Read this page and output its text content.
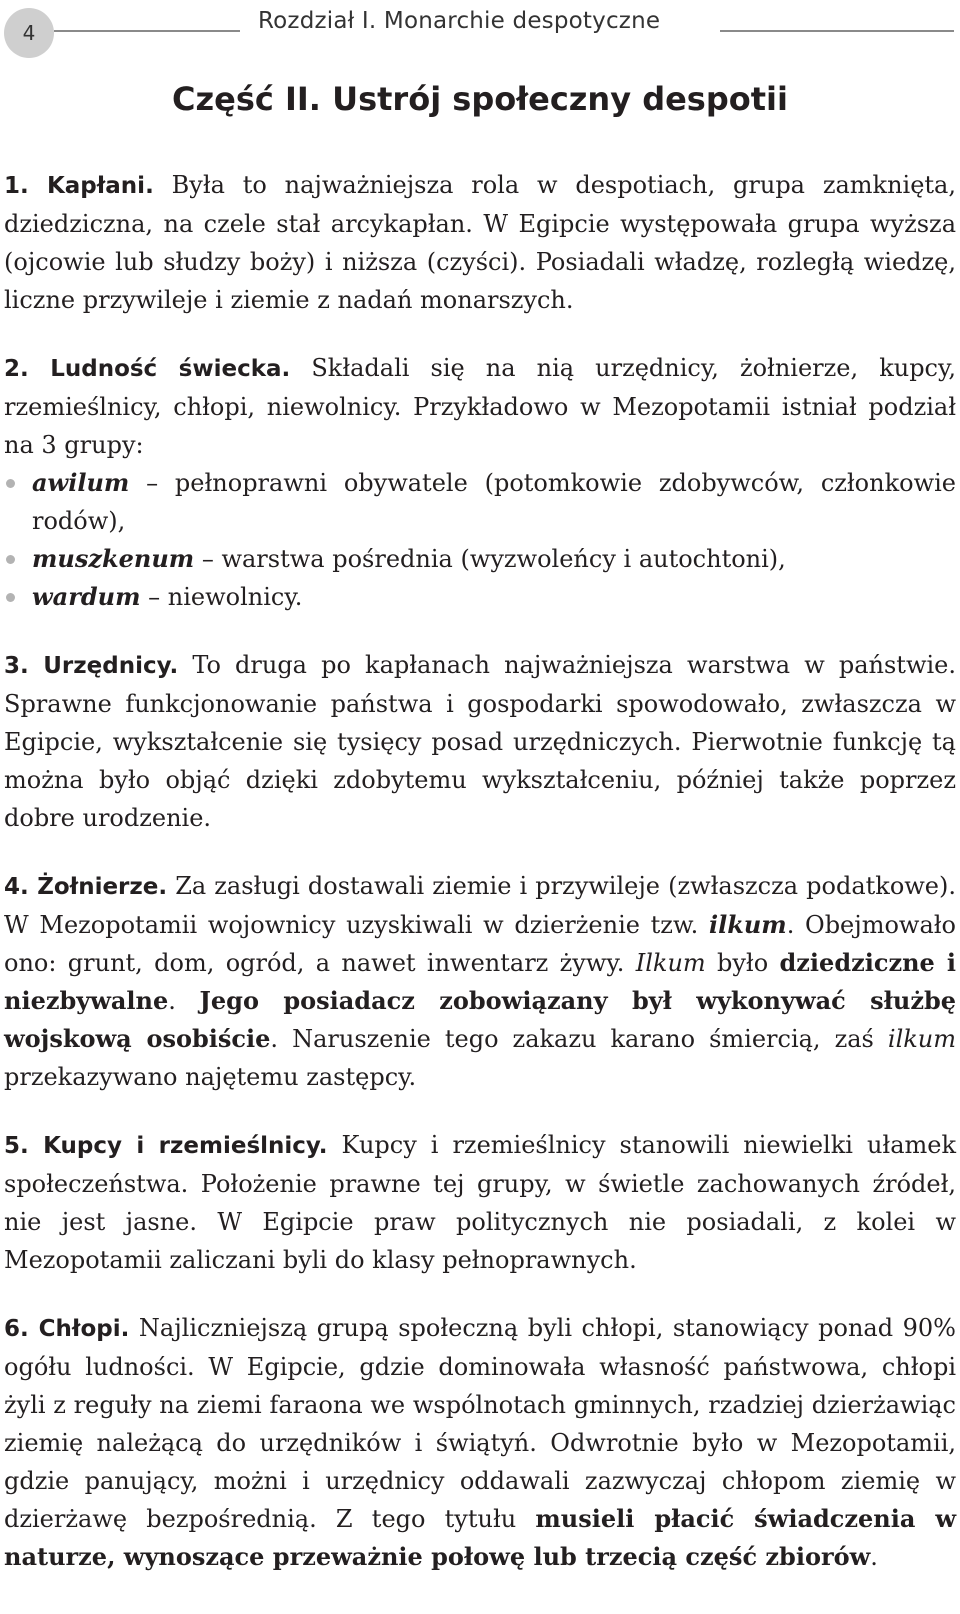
4	Rozdział I. Monarchie despotyczne
Część II. Ustrój społeczny despotii

1. Kapłani. Była to najważniejsza rola w despotiach, grupa zamknięta, dziedziczna, na czele stał arcykapłan. W Egipcie występowała grupa wyższa (ojcowie lub słudzy boży) i niższa (czyści). Posiadali władzę, rozległą wiedzę, liczne przywileje i ziemie z nadań monarszych.

2. Ludność świecka. Składali się na nią urzędnicy, żołnierze, kupcy, rzemieślnicy, chłopi, niewolnicy. Przykładowo w Mezopotamii istniał podział na 3 grupy:
awilum – pełnoprawni obywatele (potomkowie zdobywców, członkowie rodów),
muszkenum – warstwa pośrednia (wyzwoleńcy i autochtoni),
wardum – niewolnicy.

3. Urzędnicy. To druga po kapłanach najważniejsza warstwa w państwie. Sprawne funkcjonowanie państwa i gospodarki spowodowało, zwłaszcza w Egipcie, wykształcenie się tysięcy posad urzędniczych. Pierwotnie funkcję tą można było objąć dzięki zdobytemu wykształceniu, później także poprzez dobre urodzenie.

4. Żołnierze. Za zasługi dostawali ziemie i przywileje (zwłaszcza podatkowe). W Mezopotamii wojownicy uzyskiwali w dzierżenie tzw. ilkum. Obejmowało ono: grunt, dom, ogród, a nawet inwentarz żywy. Ilkum było dziedziczne i niezbywalne. Jego posiadacz zobowiązany był wykonywać służbę wojskową osobiście. Naruszenie tego zakazu karano śmiercią, zaś ilkum przekazywano najętemu zastępcy.

5. Kupcy i rzemieślnicy. Kupcy i rzemieślnicy stanowili niewielki ułamek społeczeństwa. Położenie prawne tej grupy, w świetle zachowanych źródeł, nie jest jasne. W Egipcie praw politycznych nie posiadali, z kolei w Mezopotamii zaliczani byli do klasy pełnoprawnych.

6. Chłopi. Najliczniejszą grupą społeczną byli chłopi, stanowiący ponad 90% ogółu ludności. W Egipcie, gdzie dominowała własność państwowa, chłopi żyli z reguły na ziemi faraona we wspólnotach gminnych, rzadziej dzierżawiąc ziemię należącą do urzędników i świątyń. Odwrotnie było w Mezopotamii, gdzie panujący, możni i urzędnicy oddawali zazwyczaj chłopom ziemię w dzierżawę bezpośrednią. Z tego tytułu musieli płacić świadczenia w naturze, wynoszące przeważnie połowę lub trzecią część zbiorów.
